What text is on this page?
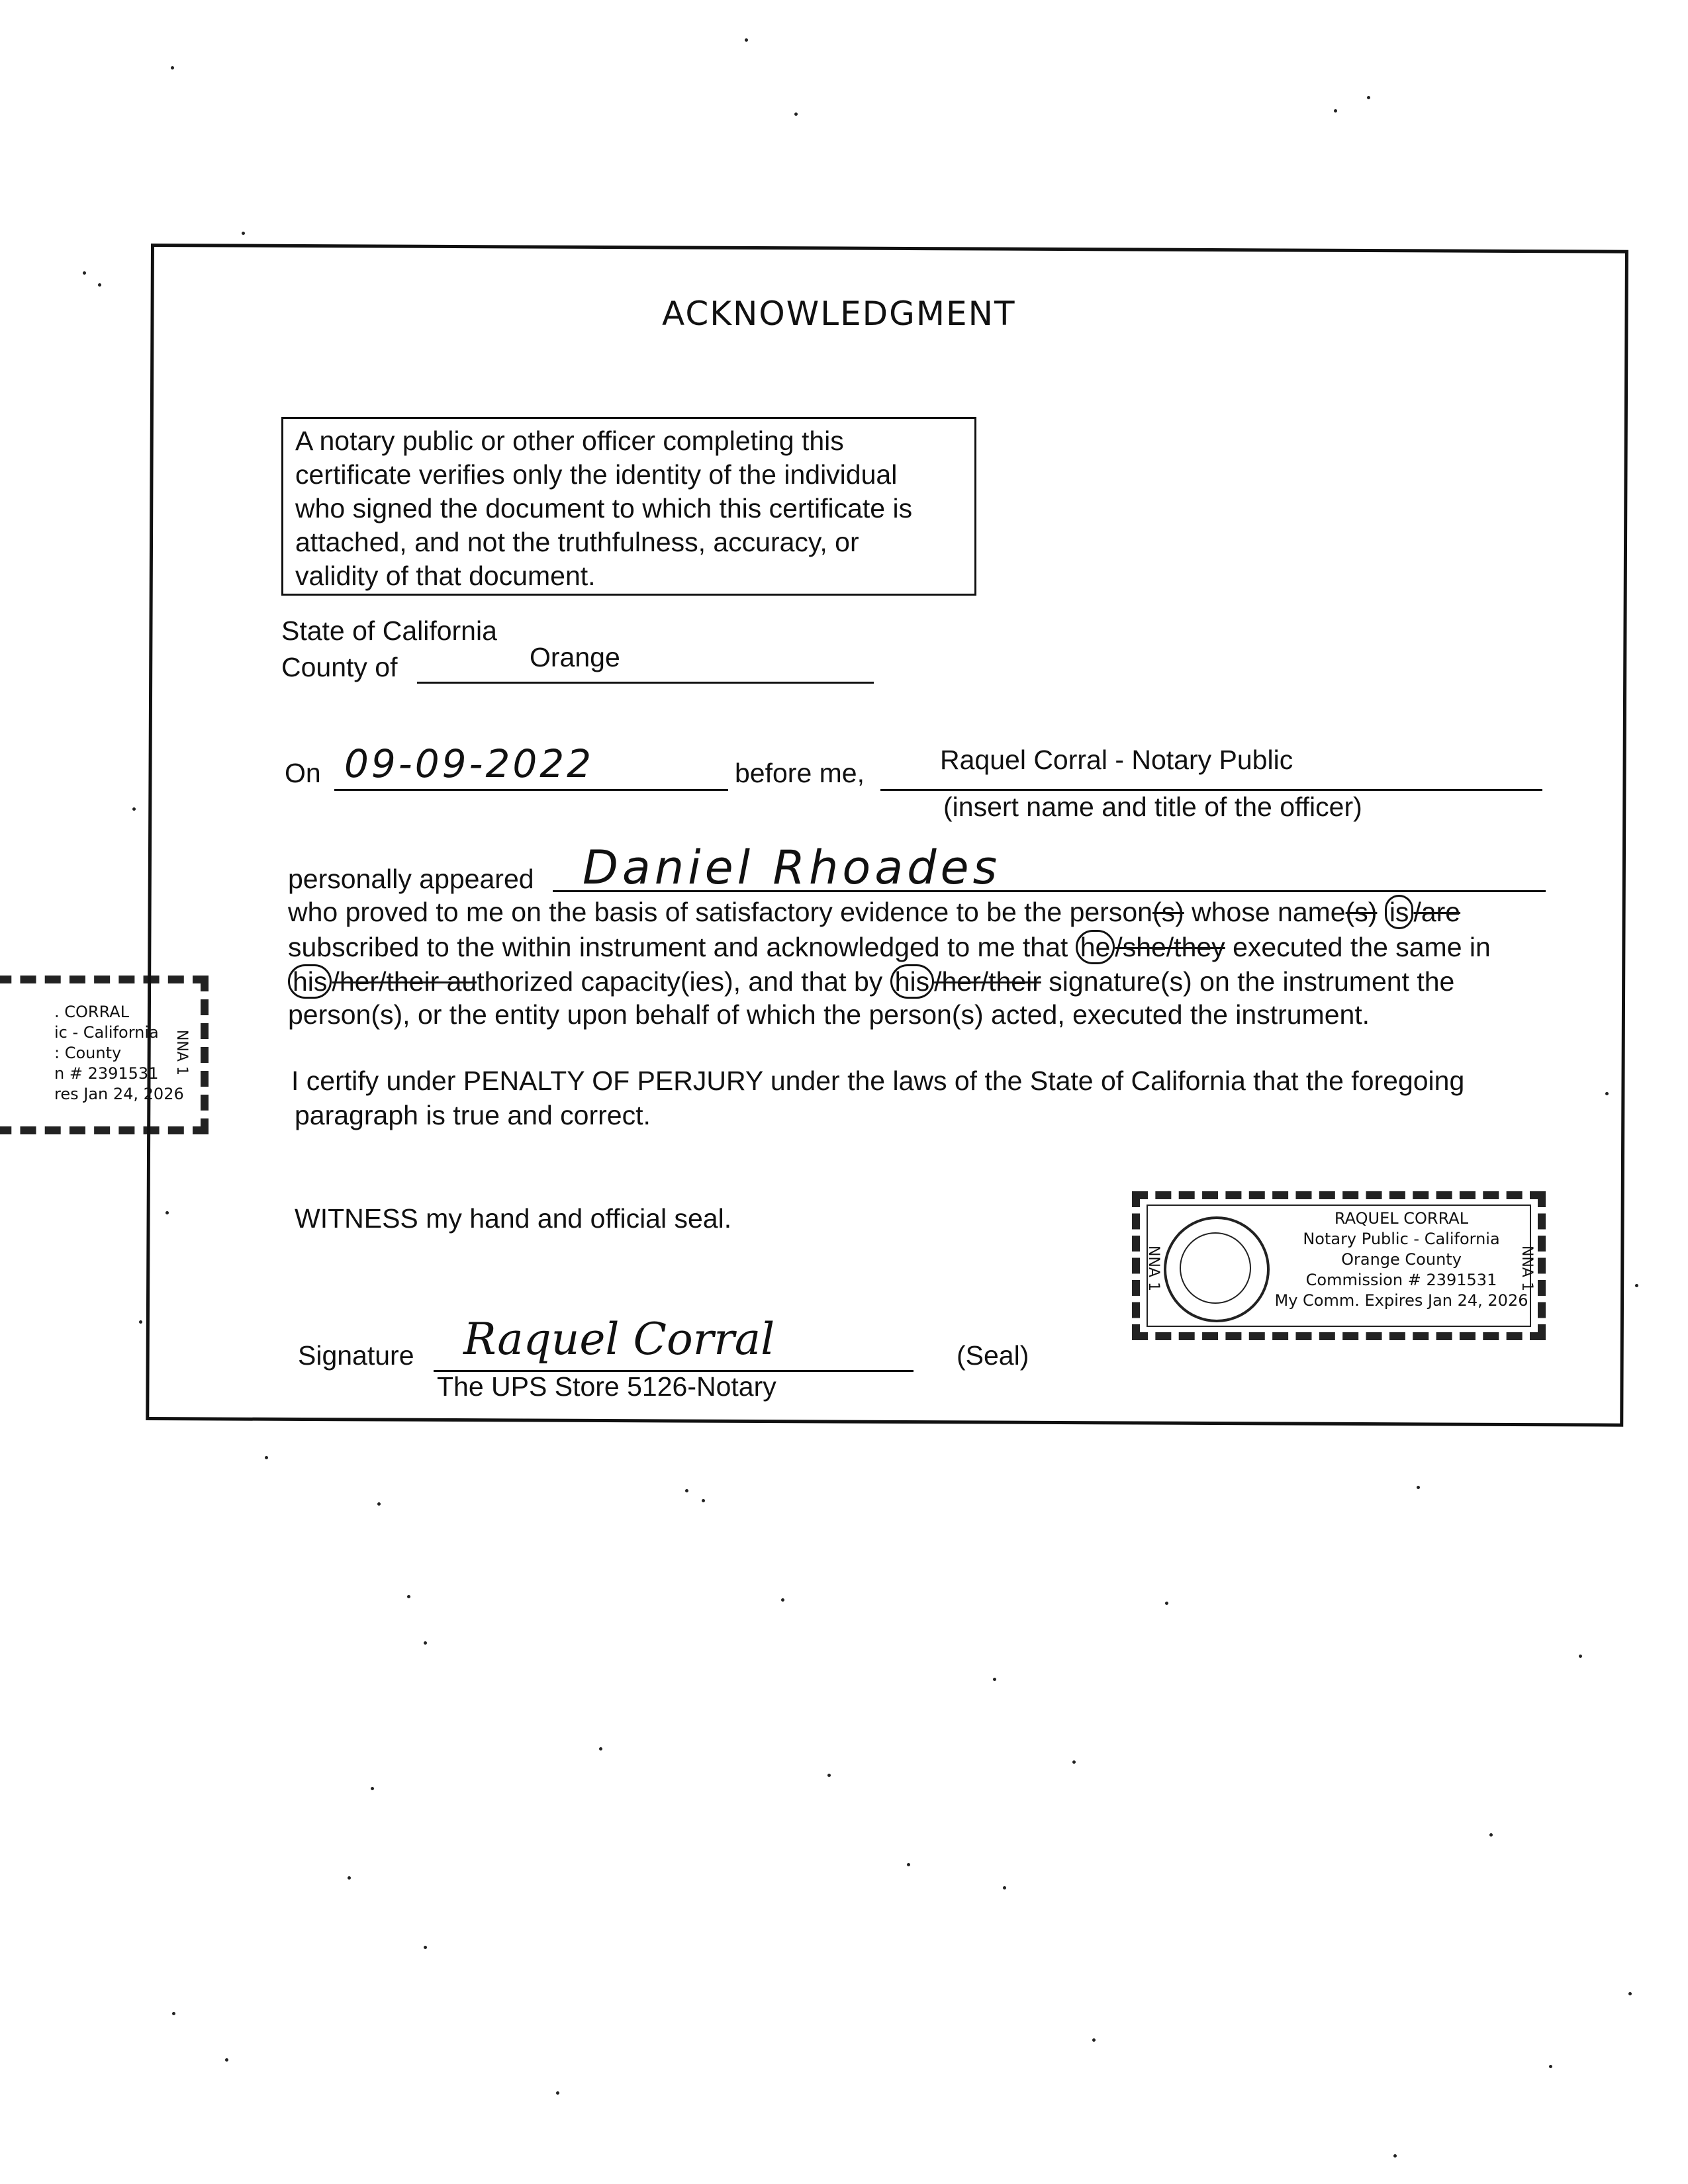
. CORRAL
ic - California
: County
n # 2391531
res Jan 24, 2026
NNA 1
ACKNOWLEDGMENT
A notary public or other officer completing this
certificate verifies only the identity of the individual
who signed the document to which this certificate is
attached, and not the truthfulness, accuracy, or
validity of that document.
State of California
County of	Orange
On 09-09-2022	before me,	Raquel Corral - Notary Public
(insert name and title of the officer)
personally appeared Daniel Rhoades
who proved to me on the basis of satisfactory evidence to be the person(s) whose name(s) is /are
subscribed to the within instrument and acknowledged to me that he /she/they executed the same in
his /her/their authorized capacity(ies), and that by his /her/their signature(s) on the instrument the
person(s), or the entity upon behalf of which the person(s) acted, executed the instrument.
I certify under PENALTY OF PERJURY under the laws of the State of California that the foregoing
paragraph is true and correct.
WITNESS my hand and official seal.
Signature Raquel Corral	(Seal)
The UPS Store 5126-Notary
NNA 1	NNA 1
RAQUEL CORRAL
Notary Public - California
Orange County
Commission # 2391531
My Comm. Expires Jan 24, 2026
